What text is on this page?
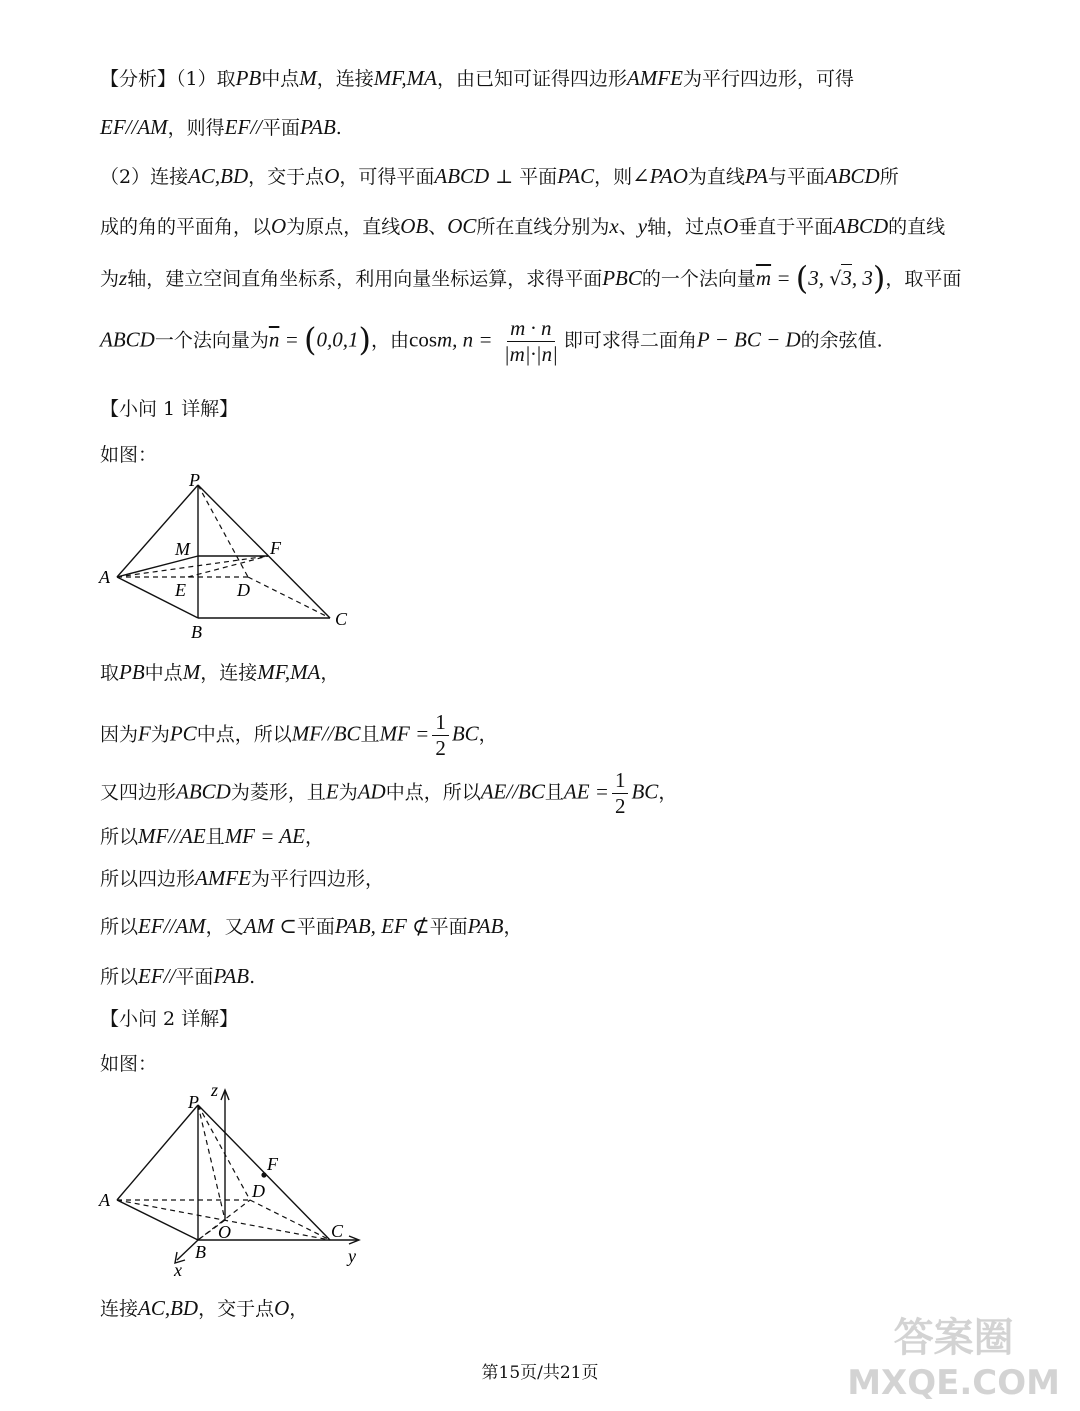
【分析】（1）取PB中点M，连接MF,MA，由已知可证得四边形AMFE为平行四边形，可得
EF//AM，则得EF//平面PAB.
（2）连接AC,BD，交于点O，可得平面ABCD ⊥ 平面PAC，则∠PAO为直线PA与平面ABCD所
成的角的平面角，以O为原点，直线OB、OC所在直线分别为x、y轴，过点O垂直于平面ABCD的直线
为z轴，建立空间直角坐标系，利用向量坐标运算，求得平面PBC的一个法向量$\overline{m} = (3$, √3, 3)，取平面
ABCD一个法向量为$\overline{n} = (0,0,1)$，由cosm, $n = \frac{m \cdot n}{|m|\cdot|n|}$ 即可求得二面角P − BC − D的余弦值.
【小问 1 详解】
如图：
P
M	F
A
E	D
B
C
取PB中点M，连接MF,MA，
因为F为PC中点，所以MF//BC且MF = $\frac{1}{2}$ BC，
又四边形ABCD为菱形，且E为AD中点，所以AE//BC且AE = $\frac{1}{2}$ BC，
所以MF//AE且MF = AE，
所以四边形AMFE为平行四边形，
所以EF//AM，又AM ⊂平面PAB, EF ⊄平面PAB，
所以EF//平面PAB.
【小问 2 详解】
如图：
z
P
F
A	D
O	C
B
x
y
连接AC,BD，交于点O，
第15页/共21页
答案圈
MXQE.COM
